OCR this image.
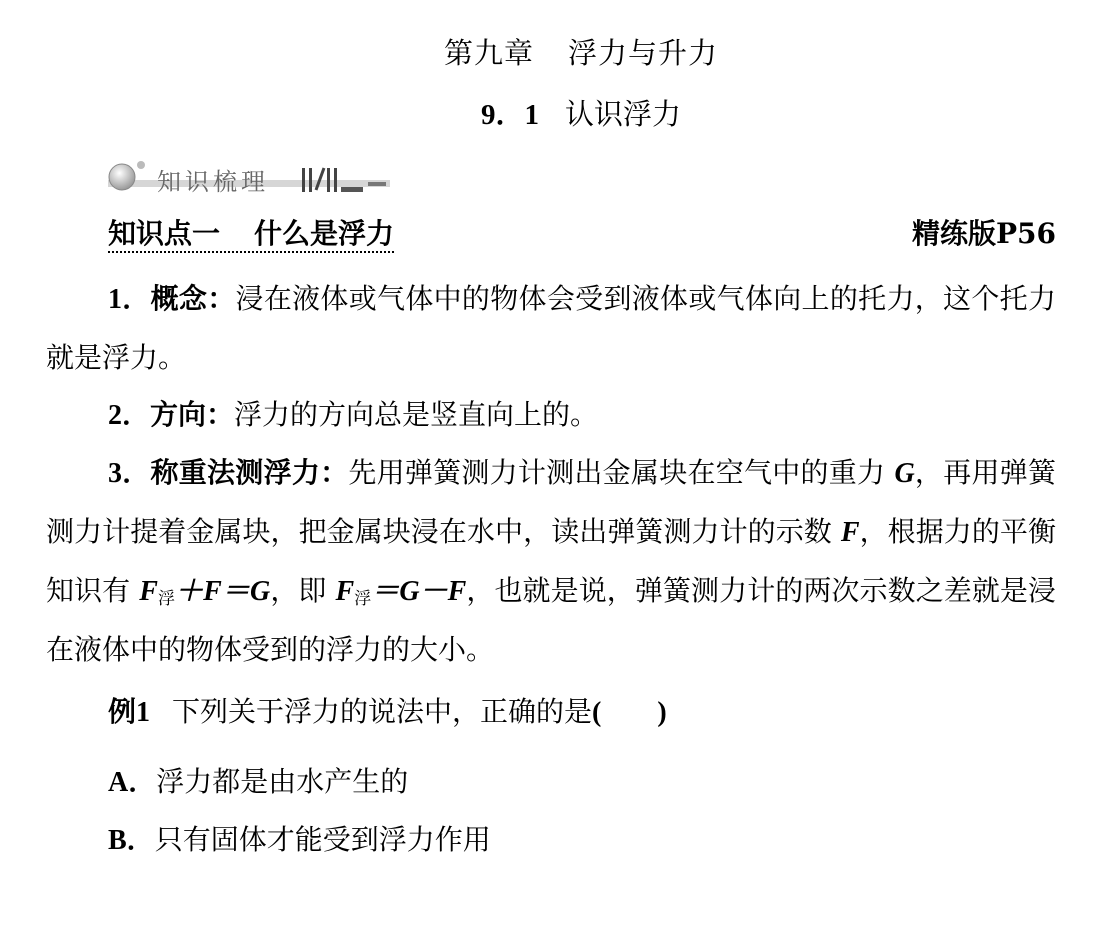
第九章 浮力与升力
9．1 认识浮力
知识梳理
知识点一 什么是浮力	精练版P56
1．概念：浸在液体或气体中的物体会受到液体或气体向上的托力，这个托力就是浮力。
2．方向：浮力的方向总是竖直向上的。
3．称重法测浮力：先用弹簧测力计测出金属块在空气中的重力 G，再用弹簧测力计提着金属块，把金属块浸在水中，读出弹簧测力计的示数 F，根据力的平衡知识有 $F_浮+F=G$，即 $F_浮=G-F$，也就是说，弹簧测力计的两次示数之差就是浸在液体中的物体受到的浮力的大小。
例1 下列关于浮力的说法中，正确的是( )
A．浮力都是由水产生的
B．只有固体才能受到浮力作用
